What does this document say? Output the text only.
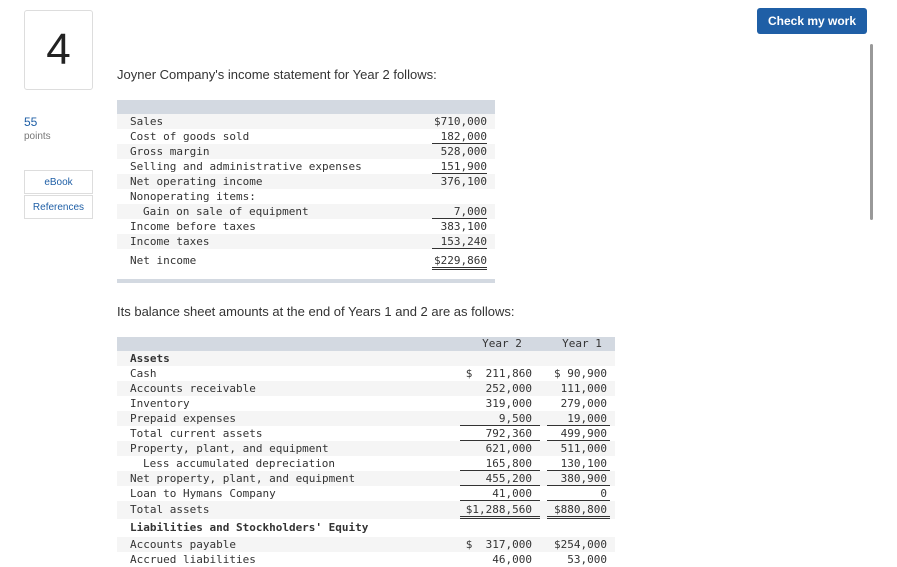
4
55
points
eBook
References
Check my work
Joyner Company's income statement for Year 2 follows:
Sales	$710,000
Cost of goods sold	182,000
Gross margin	528,000
Selling and administrative expenses	151,900
Net operating income	376,100
Nonoperating items:
Gain on sale of equipment	7,000
Income before taxes	383,100
Income taxes	153,240
Net income	$229,860
Its balance sheet amounts at the end of Years 1 and 2 are as follows:
Year 2	Year 1
Assets
Cash	$  211,860	$ 90,900
Accounts receivable	252,000	111,000
Inventory	319,000	279,000
Prepaid expenses	9,500	19,000
Total current assets	792,360	499,900
Property, plant, and equipment	621,000	511,000
Less accumulated depreciation	165,800	130,100
Net property, plant, and equipment	455,200	380,900
Loan to Hymans Company	41,000	0
Total assets	$1,288,560	$880,800
Liabilities and Stockholders' Equity
Accounts payable	$  317,000	$254,000
Accrued liabilities	46,000	53,000
